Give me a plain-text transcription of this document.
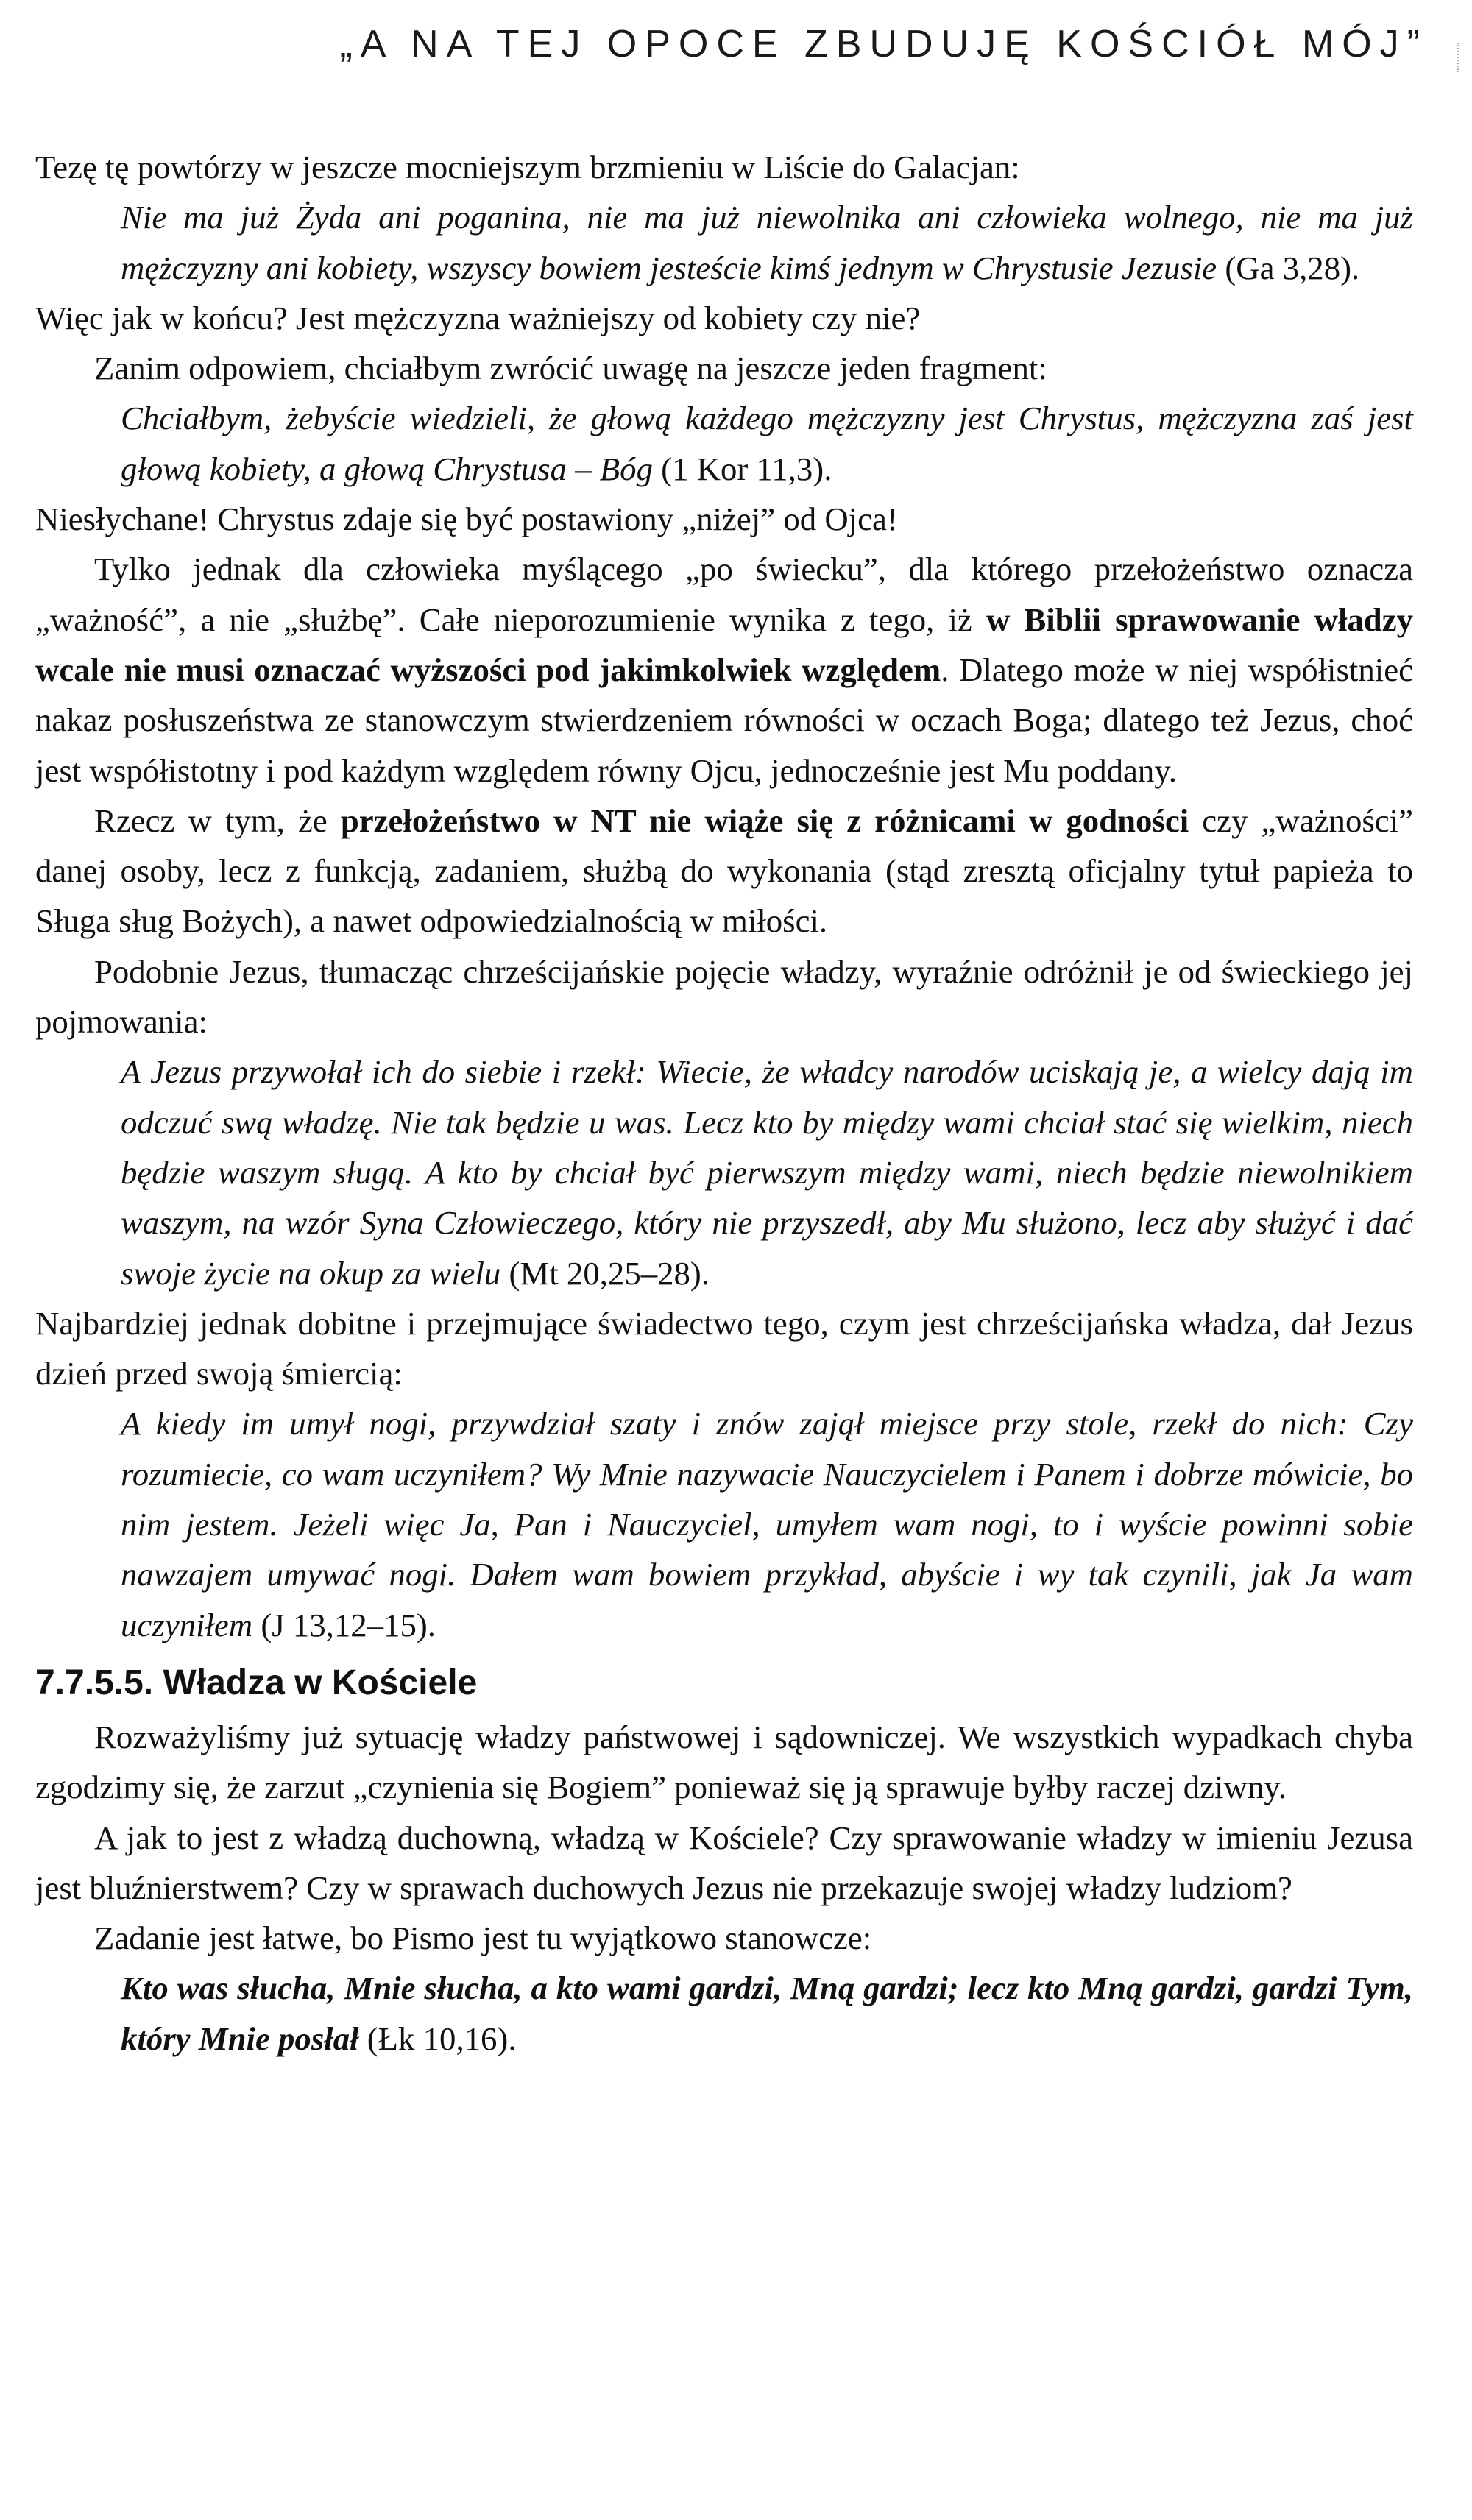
„A NA TEJ OPOCE ZBUDUJĘ KOŚCIÓŁ MÓJ”

Tezę tę powtórzy w jeszcze mocniejszym brzmieniu w Liście do Galacjan:

Nie ma już Żyda ani poganina, nie ma już niewolnika ani człowieka wolnego, nie ma już mężczyzny ani kobiety, wszyscy bowiem jesteście kimś jednym w Chrystusie Jezusie (Ga 3,28).

Więc jak w końcu? Jest mężczyzna ważniejszy od kobiety czy nie?

Zanim odpowiem, chciałbym zwrócić uwagę na jeszcze jeden fragment:

Chciałbym, żebyście wiedzieli, że głową każdego mężczyzny jest Chrystus, mężczyzna zaś jest głową kobiety, a głową Chrystusa – Bóg (1 Kor 11,3).

Niesłychane! Chrystus zdaje się być postawiony „niżej” od Ojca!

Tylko jednak dla człowieka myślącego „po świecku”, dla którego przełożeństwo oznacza „ważność”, a nie „służbę”. Całe nieporozumienie wynika z tego, iż w Biblii sprawowanie władzy wcale nie musi oznaczać wyższości pod jakimkolwiek względem. Dlatego może w niej współistnieć nakaz posłuszeństwa ze stanowczym stwierdzeniem równości w oczach Boga; dlatego też Jezus, choć jest współistotny i pod każdym względem równy Ojcu, jednocześnie jest Mu poddany.

Rzecz w tym, że przełożeństwo w NT nie wiąże się z różnicami w godności czy „ważności” danej osoby, lecz z funkcją, zadaniem, służbą do wykonania (stąd zresztą oficjalny tytuł papieża to Sługa sług Bożych), a nawet odpowiedzialnością w miłości.

Podobnie Jezus, tłumacząc chrześcijańskie pojęcie władzy, wyraźnie odróżnił je od świeckiego jej pojmowania:

A Jezus przywołał ich do siebie i rzekł: Wiecie, że władcy narodów uciskają je, a wielcy dają im odczuć swą władzę. Nie tak będzie u was. Lecz kto by między wami chciał stać się wielkim, niech będzie waszym sługą. A kto by chciał być pierwszym między wami, niech będzie niewolnikiem waszym, na wzór Syna Człowieczego, który nie przyszedł, aby Mu służono, lecz aby służyć i dać swoje życie na okup za wielu (Mt 20,25–28).

Najbardziej jednak dobitne i przejmujące świadectwo tego, czym jest chrześcijańska władza, dał Jezus dzień przed swoją śmiercią:

A kiedy im umył nogi, przywdział szaty i znów zajął miejsce przy stole, rzekł do nich: Czy rozumiecie, co wam uczyniłem? Wy Mnie nazywacie Nauczycielem i Panem i dobrze mówicie, bo nim jestem. Jeżeli więc Ja, Pan i Nauczyciel, umyłem wam nogi, to i wyście powinni sobie nawzajem umywać nogi. Dałem wam bowiem przykład, abyście i wy tak czynili, jak Ja wam uczyniłem (J 13,12–15).

7.7.5.5. Władza w Kościele

Rozważyliśmy już sytuację władzy państwowej i sądowniczej. We wszystkich wypadkach chyba zgodzimy się, że zarzut „czynienia się Bogiem” ponieważ się ją sprawuje byłby raczej dziwny.

A jak to jest z władzą duchowną, władzą w Kościele? Czy sprawowanie władzy w imieniu Jezusa jest bluźnierstwem? Czy w sprawach duchowych Jezus nie przekazuje swojej władzy ludziom?

Zadanie jest łatwe, bo Pismo jest tu wyjątkowo stanowcze:

Kto was słucha, Mnie słucha, a kto wami gardzi, Mną gardzi; lecz kto Mną gardzi, gardzi Tym, który Mnie posłał (Łk 10,16).
